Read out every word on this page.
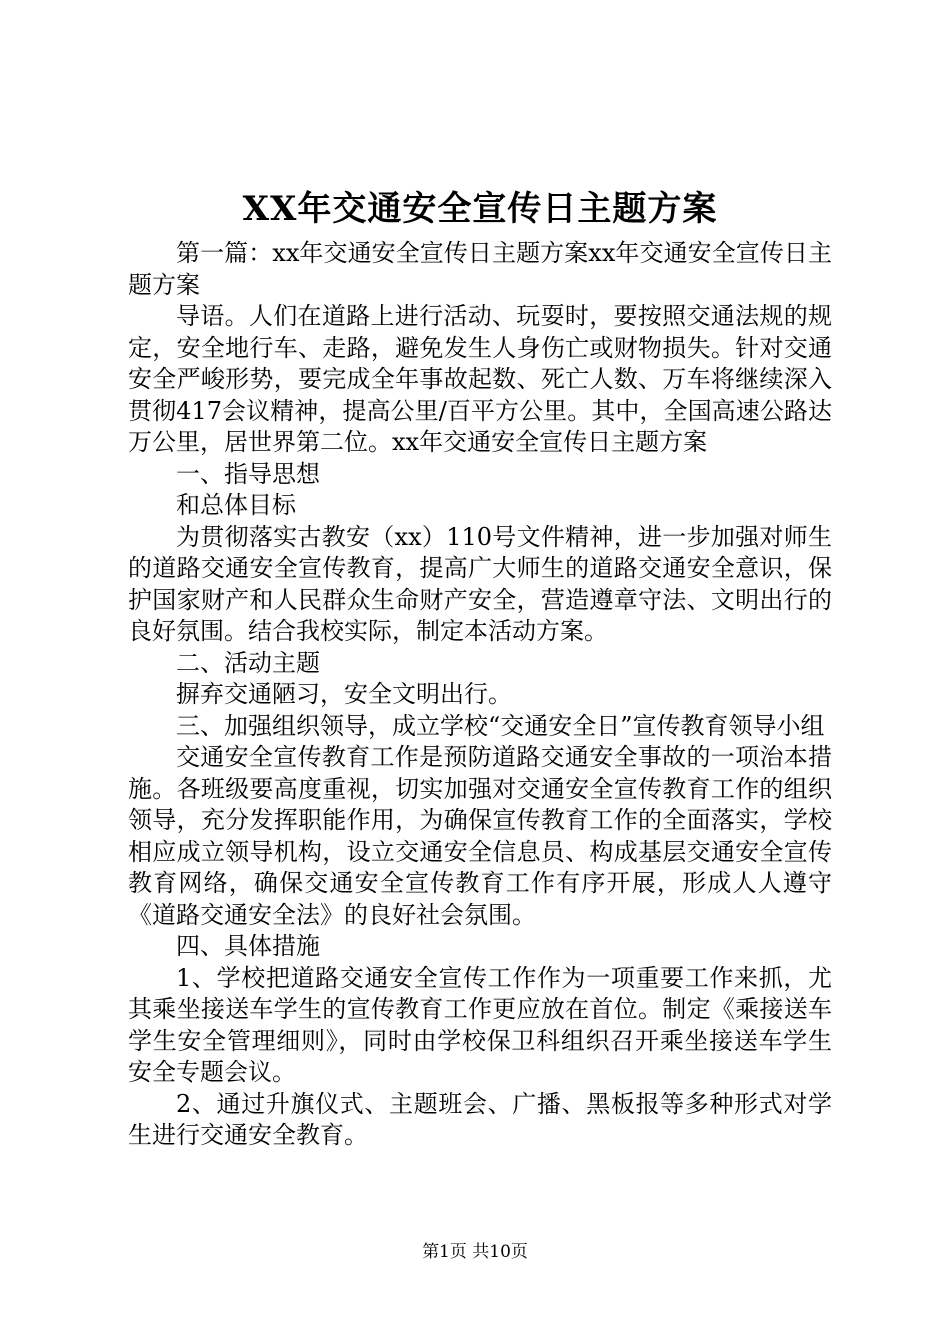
XX年交通安全宣传日主题方案

第一篇：xx年交通安全宣传日主题方案xx年交通安全宣传日主题方案

导语。人们在道路上进行活动、玩耍时，要按照交通法规的规定，安全地行车、走路，避免发生人身伤亡或财物损失。针对交通安全严峻形势，要完成全年事故起数、死亡人数、万车将继续深入贯彻417会议精神，提高公里/百平方公里。其中，全国高速公路达万公里，居世界第二位。xx年交通安全宣传日主题方案

一、指导思想

和总体目标

为贯彻落实古教安（xx）110号文件精神，进一步加强对师生的道路交通安全宣传教育，提高广大师生的道路交通安全意识，保护国家财产和人民群众生命财产安全，营造遵章守法、文明出行的良好氛围。结合我校实际，制定本活动方案。

二、活动主题

摒弃交通陋习，安全文明出行。

三、加强组织领导，成立学校“交通安全日”宣传教育领导小组

交通安全宣传教育工作是预防道路交通安全事故的一项治本措施。各班级要高度重视，切实加强对交通安全宣传教育工作的组织领导，充分发挥职能作用，为确保宣传教育工作的全面落实，学校相应成立领导机构，设立交通安全信息员、构成基层交通安全宣传教育网络，确保交通安全宣传教育工作有序开展，形成人人遵守《道路交通安全法》的良好社会氛围。

四、具体措施

1、学校把道路交通安全宣传工作作为一项重要工作来抓，尤其乘坐接送车学生的宣传教育工作更应放在首位。制定《乘接送车学生安全管理细则》，同时由学校保卫科组织召开乘坐接送车学生安全专题会议。

2、通过升旗仪式、主题班会、广播、黑板报等多种形式对学生进行交通安全教育。

第1页 共10页
